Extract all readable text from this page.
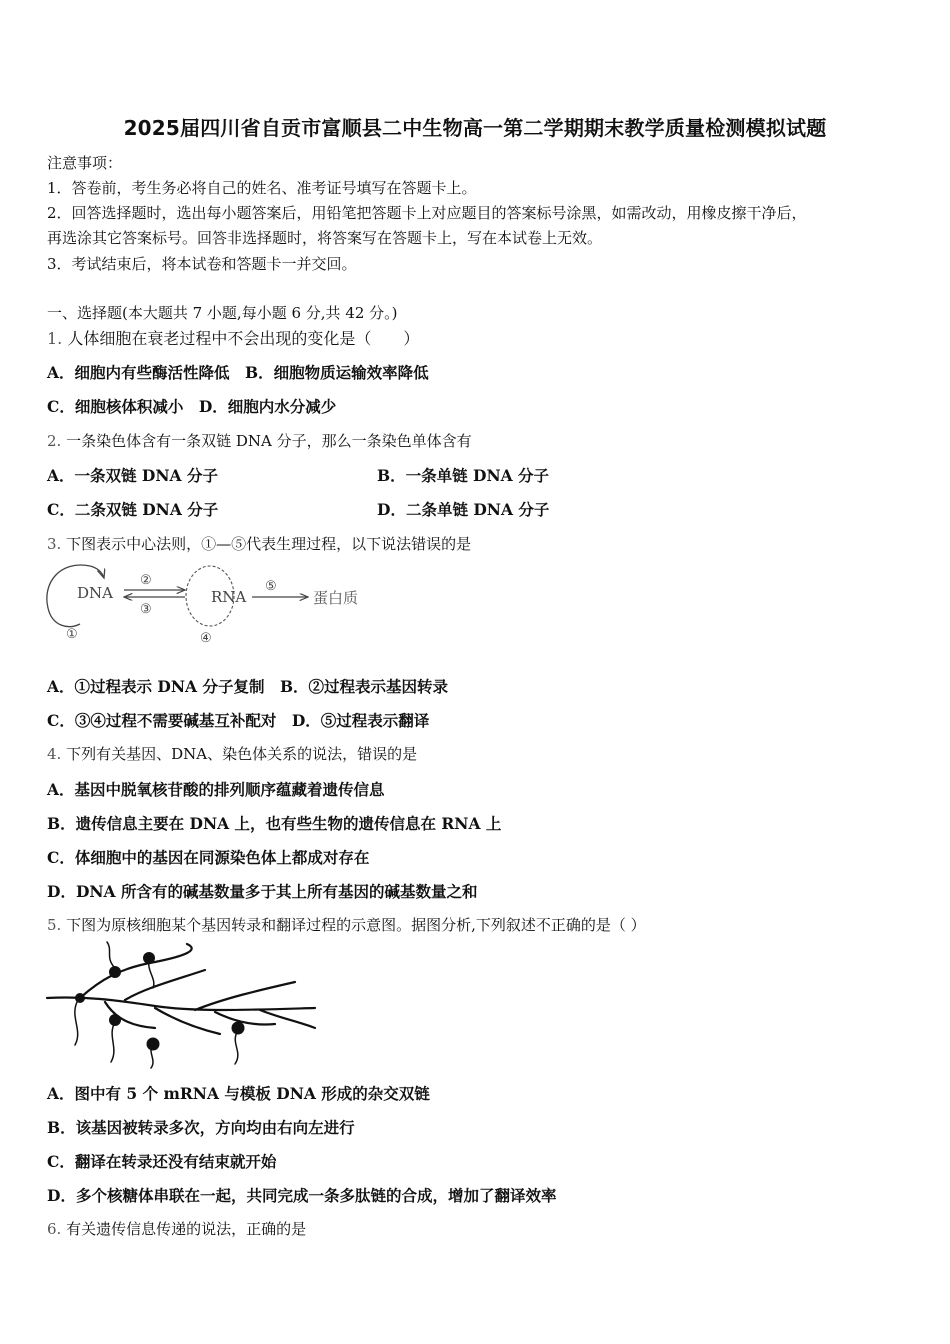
2025届四川省自贡市富顺县二中生物高一第二学期期末教学质量检测模拟试题
注意事项：
1．答卷前，考生务必将自己的姓名、准考证号填写在答题卡上。
2．回答选择题时，选出每小题答案后，用铅笔把答题卡上对应题目的答案标号涂黑，如需改动，用橡皮擦干净后，
再选涂其它答案标号。回答非选择题时，将答案写在答题卡上，写在本试卷上无效。
3．考试结束后，将本试卷和答题卡一并交回。
一、选择题(本大题共 7 小题,每小题 6 分,共 42 分。)
1. 人体细胞在衰老过程中不会出现的变化是（　　）
A．细胞内有些酶活性降低　B．细胞物质运输效率降低
C．细胞核体积减小　D．细胞内水分减少
2. 一条染色体含有一条双链 DNA 分子，那么一条染色单体含有
A．一条双链 DNA 分子	B．一条单链 DNA 分子
C．二条双链 DNA 分子	D．二条单链 DNA 分子
3. 下图表示中心法则，①—⑤代表生理过程，以下说法错误的是
DNA
①
②
③
RNA
④
⑤
蛋白质
A．①过程表示 DNA 分子复制　B．②过程表示基因转录
C．③④过程不需要碱基互补配对　D．⑤过程表示翻译
4. 下列有关基因、DNA、染色体关系的说法，错误的是
A．基因中脱氧核苷酸的排列顺序蕴藏着遗传信息
B．遗传信息主要在 DNA 上，也有些生物的遗传信息在 RNA 上
C．体细胞中的基因在同源染色体上都成对存在
D．DNA 所含有的碱基数量多于其上所有基因的碱基数量之和
5. 下图为原核细胞某个基因转录和翻译过程的示意图。据图分析,下列叙述不正确的是（ ）
A．图中有 5 个 mRNA 与模板 DNA 形成的杂交双链
B．该基因被转录多次，方向均由右向左进行
C．翻译在转录还没有结束就开始
D．多个核糖体串联在一起，共同完成一条多肽链的合成，增加了翻译效率
6. 有关遗传信息传递的说法，正确的是
